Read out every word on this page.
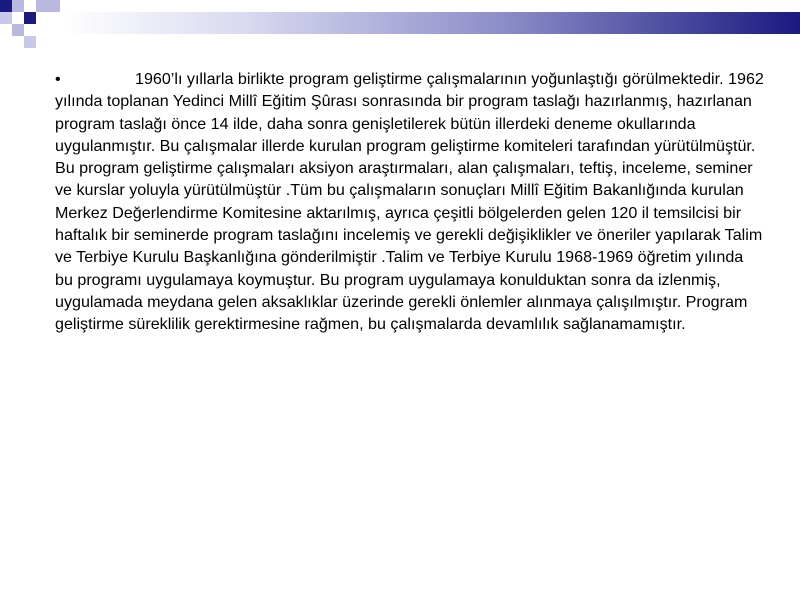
•	1960’lı yıllarla birlikte program geliştirme çalışmalarının yoğunlaştığı görülmektedir. 1962 yılında toplanan Yedinci Millî Eğitim Şûrası sonrasında bir program taslağı hazırlanmış, hazırlanan program taslağı önce 14 ilde, daha sonra genişletilerek bütün illerdeki deneme okullarında uygulanmıştır. Bu çalışmalar illerde kurulan program geliştirme komiteleri tarafından yürütülmüştür. Bu program geliştirme çalışmaları aksiyon araştırmaları, alan çalışmaları, teftiş, inceleme, seminer ve kurslar yoluyla yürütülmüştür .Tüm bu çalışmaların sonuçları Millî Eğitim Bakanlığında kurulan Merkez Değerlendirme Komitesine aktarılmış, ayrıca çeşitli bölgelerden gelen 120 il temsilcisi bir haftalık bir seminerde program taslağını incelemiş ve gerekli değişiklikler ve öneriler yapılarak Talim ve Terbiye Kurulu Başkanlığına gönderilmiştir .Talim ve Terbiye Kurulu 1968-1969 öğretim yılında bu programı uygulamaya koymuştur. Bu program uygulamaya konulduktan sonra da izlenmiş, uygulamada meydana gelen aksaklıklar üzerinde gerekli önlemler alınmaya çalışılmıştır. Program geliştirme süreklilik gerektirmesine rağmen, bu çalışmalarda devamlılık sağlanamamıştır.
